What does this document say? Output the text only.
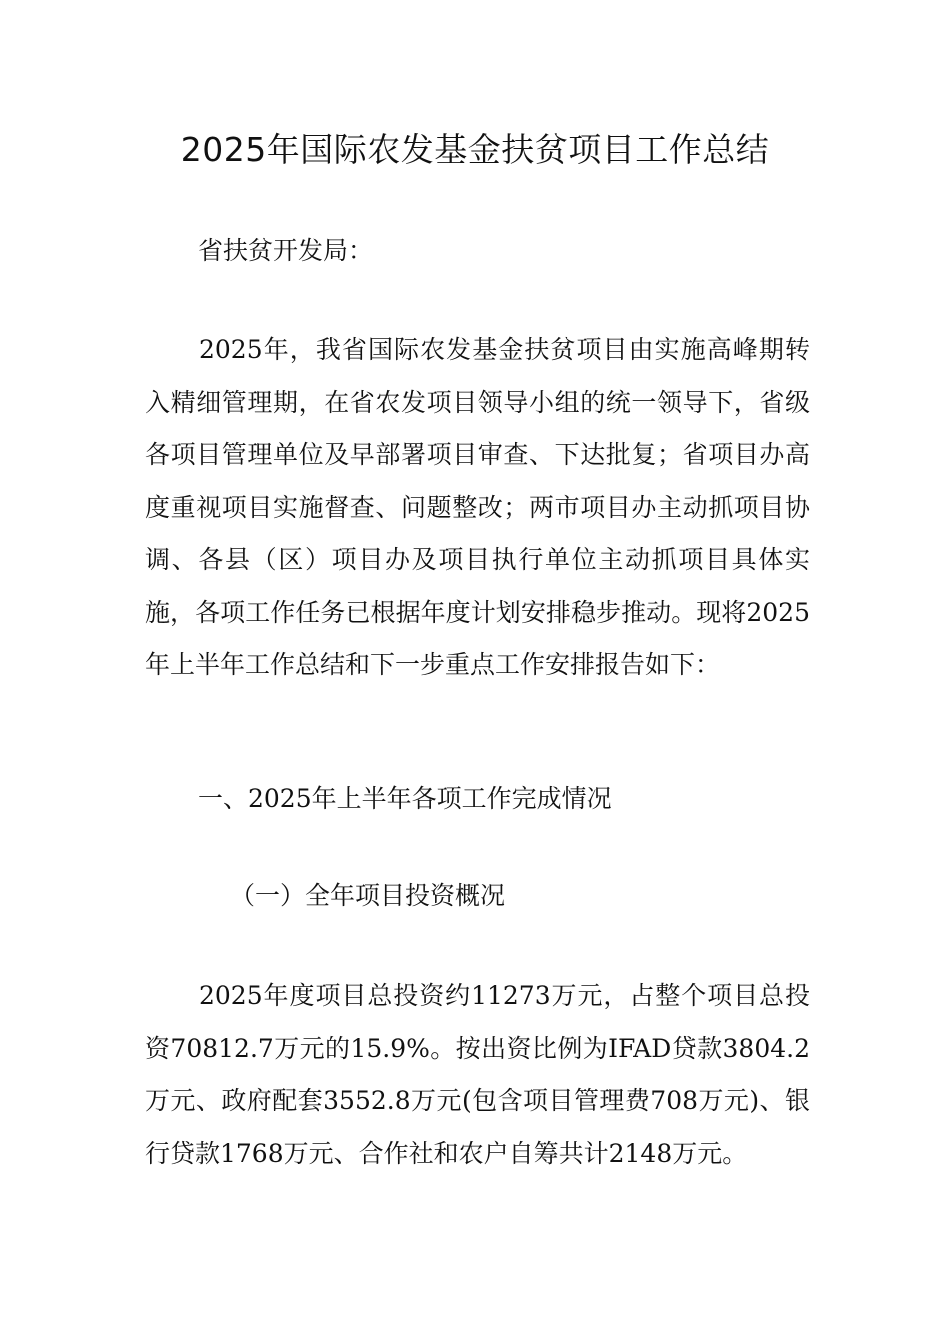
2025年国际农发基金扶贫项目工作总结

省扶贫开发局：

2025年，我省国际农发基金扶贫项目由实施高峰期转入精细管理期，在省农发项目领导小组的统一领导下，省级各项目管理单位及早部署项目审查、下达批复；省项目办高度重视项目实施督查、问题整改；两市项目办主动抓项目协调、各县（区）项目办及项目执行单位主动抓项目具体实施，各项工作任务已根据年度计划安排稳步推动。现将2025年上半年工作总结和下一步重点工作安排报告如下：

一、2025年上半年各项工作完成情况

（一）全年项目投资概况

2025年度项目总投资约11273万元，占整个项目总投资70812.7万元的15.9%。按出资比例为IFAD贷款3804.2万元、政府配套3552.8万元(包含项目管理费708万元)、银行贷款1768万元、合作社和农户自筹共计2148万元。
